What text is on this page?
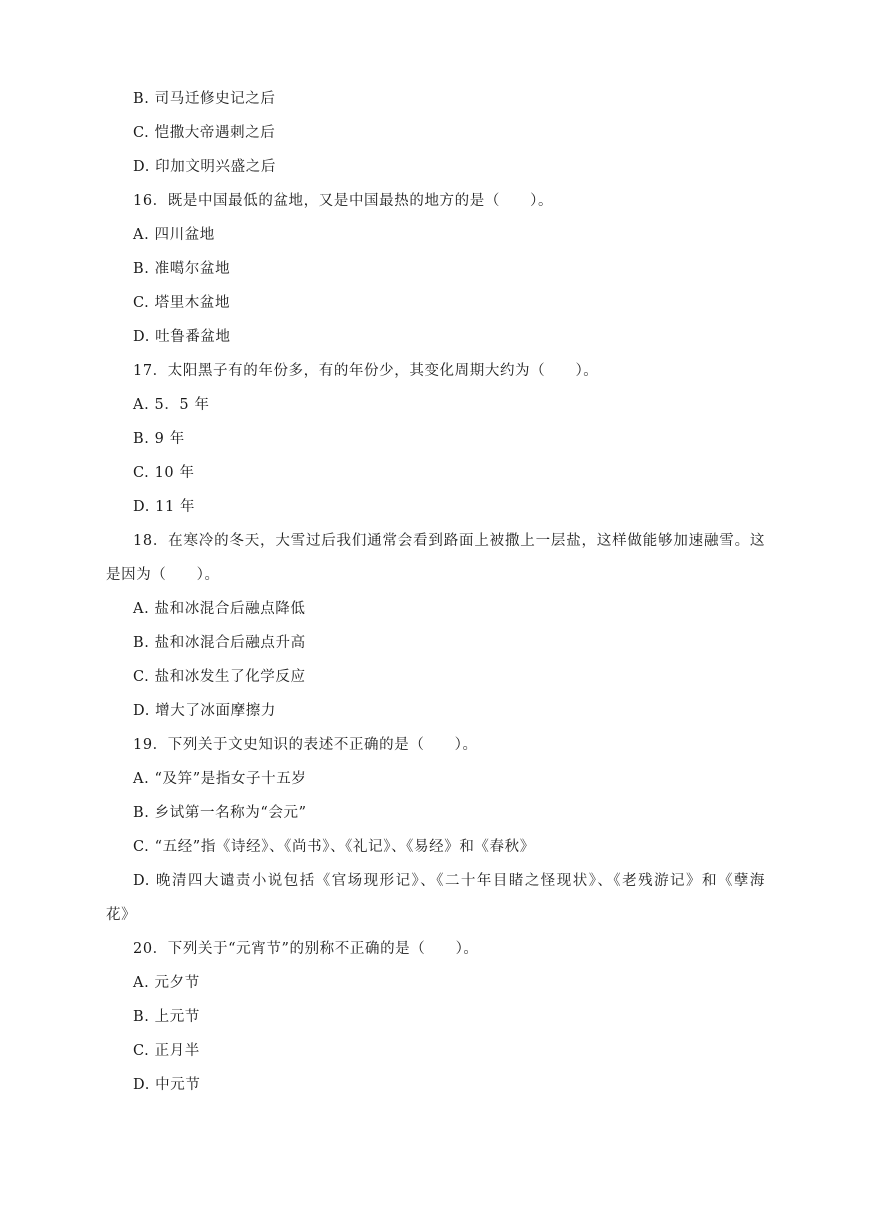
B. 司马迁修史记之后
C. 恺撒大帝遇刺之后
D. 印加文明兴盛之后
16．既是中国最低的盆地，又是中国最热的地方的是（　　）。
A. 四川盆地
B. 准噶尔盆地
C. 塔里木盆地
D. 吐鲁番盆地
17．太阳黑子有的年份多，有的年份少，其变化周期大约为（　　）。
A. 5．5 年
B. 9 年
C. 10 年
D. 11 年
18．在寒冷的冬天，大雪过后我们通常会看到路面上被撒上一层盐，这样做能够加速融雪。这
是因为（　　）。
A. 盐和冰混合后融点降低
B. 盐和冰混合后融点升高
C. 盐和冰发生了化学反应
D. 增大了冰面摩擦力
19．下列关于文史知识的表述不正确的是（　　）。
A. “及笄”是指女子十五岁
B. 乡试第一名称为“会元”
C. “五经”指《诗经》、《尚书》、《礼记》、《易经》和《春秋》
D. 晚清四大谴责小说包括《官场现形记》、《二十年目睹之怪现状》、《老残游记》和《孽海
花》
20．下列关于“元宵节”的别称不正确的是（　　）。
A. 元夕节
B. 上元节
C. 正月半
D. 中元节
